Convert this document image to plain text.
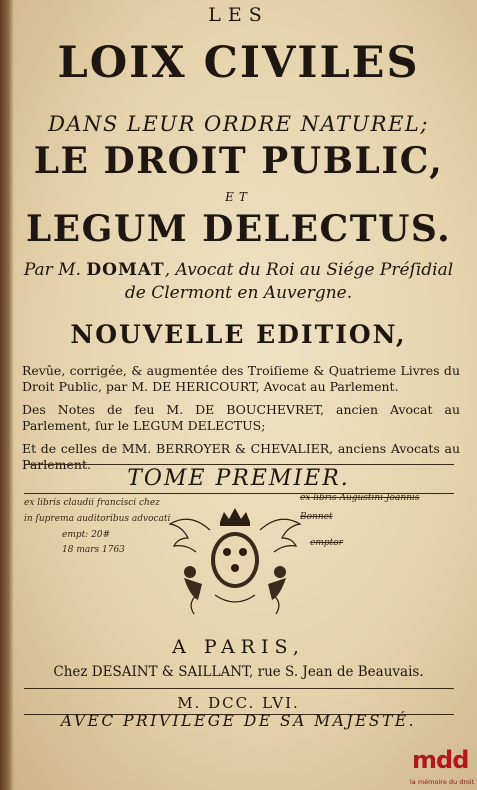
LES
LOIX CIVILES
DANS LEUR ORDRE NATUREL;
LE DROIT PUBLIC,
ET
LEGUM DELECTUS.
Par M. DOMAT, Avocat du Roi au Siége Préſidial
de Clermont en Auvergne.
NOUVELLE EDITION,
Revûe, corrigée, & augmentée des Troiſieme & Quatrieme Livres du Droit Public, par M. DE HERICOURT, Avocat au Parlement.
Des Notes de feu M. DE BOUCHEVRET, ancien Avocat au Parlement, ſur le LEGUM DELECTUS;
Et de celles de MM. BERROYER & CHEVALIER, anciens Avocats au Parlement.
TOME PREMIER.
ex libris claudii francisci chez
in ſuprema auditoribus advocati
empt: 20#
18 mars 1763
ex libris Augustini Joannis
Bonnet
emptor
A PARIS,
Chez DESAINT & SAILLANT, rue S. Jean de Beauvais.
M. DCC. LVI.
AVEC PRIVILEGE DE SA MAJESTÉ.
mdd
la mémoire du droit
